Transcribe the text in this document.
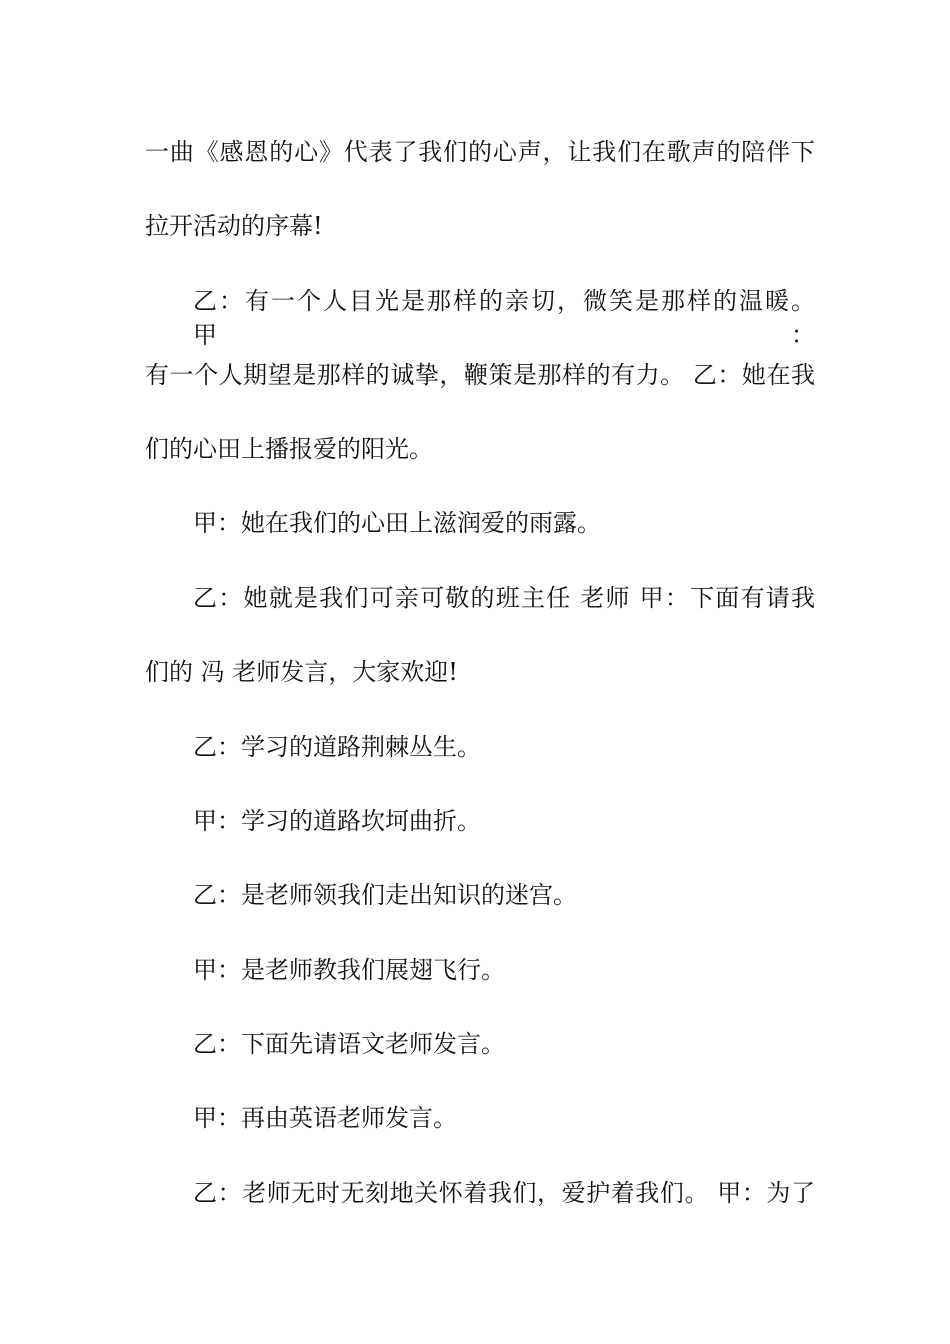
一曲《感恩的心》代表了我们的心声，让我们在歌声的陪伴下
拉开活动的序幕!
乙：有一个人目光是那样的亲切，微笑是那样的温暖。 甲：
有一个人期望是那样的诚挚，鞭策是那样的有力。 乙：她在我
们的心田上播报爱的阳光。
甲：她在我们的心田上滋润爱的雨露。
乙：她就是我们可亲可敬的班主任 老师 甲：下面有请我
们的 冯 老师发言，大家欢迎!
乙：学习的道路荆棘丛生。
甲：学习的道路坎坷曲折。
乙：是老师领我们走出知识的迷宫。
甲：是老师教我们展翅飞行。
乙：下面先请语文老师发言。
甲：再由英语老师发言。
乙：老师无时无刻地关怀着我们，爱护着我们。 甲：为了
